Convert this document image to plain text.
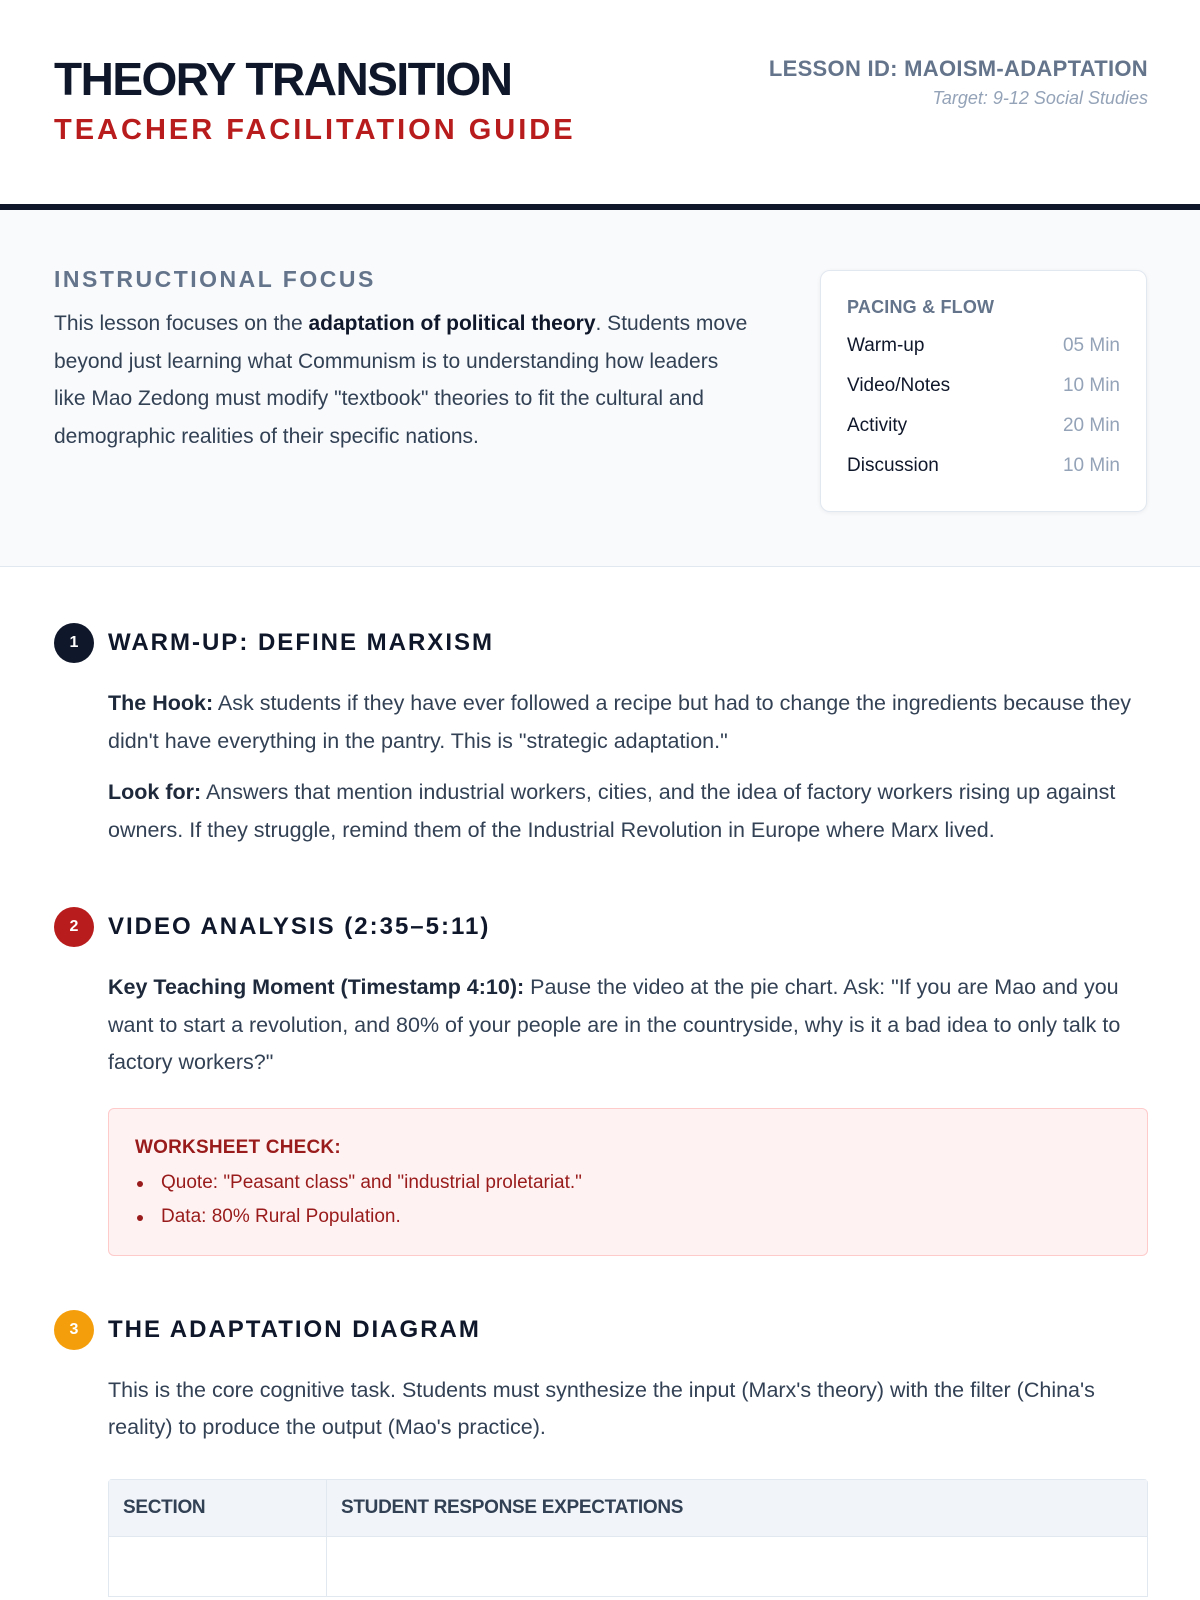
THEORY TRANSITION
TEACHER FACILITATION GUIDE
LESSON ID: MAOISM-ADAPTATION
Target: 9-12 Social Studies
INSTRUCTIONAL FOCUS

This lesson focuses on the adaptation of political theory. Students move beyond just learning what Communism is to understanding how leaders like Mao Zedong must modify "textbook" theories to fit the cultural and demographic realities of their specific nations.

PACING & FLOW
Warm-up	05 Min
Video/Notes	10 Min
Activity	20 Min
Discussion	10 Min
1	WARM-UP: DEFINE MARXISM

The Hook: Ask students if they have ever followed a recipe but had to change the ingredients because they didn't have everything in the pantry. This is "strategic adaptation."

Look for: Answers that mention industrial workers, cities, and the idea of factory workers rising up against owners. If they struggle, remind them of the Industrial Revolution in Europe where Marx lived.

2	VIDEO ANALYSIS (2:35–5:11)

Key Teaching Moment (Timestamp 4:10): Pause the video at the pie chart. Ask: "If you are Mao and you want to start a revolution, and 80% of your people are in the countryside, why is it a bad idea to only talk to factory workers?"

WORKSHEET CHECK:
Quote: "Peasant class" and "industrial proletariat."
Data: 80% Rural Population.
3	THE ADAPTATION DIAGRAM

This is the core cognitive task. Students must synthesize the input (Marx's theory) with the filter (China's reality) to produce the output (Mao's practice).

SECTION	STUDENT RESPONSE EXPECTATIONS
